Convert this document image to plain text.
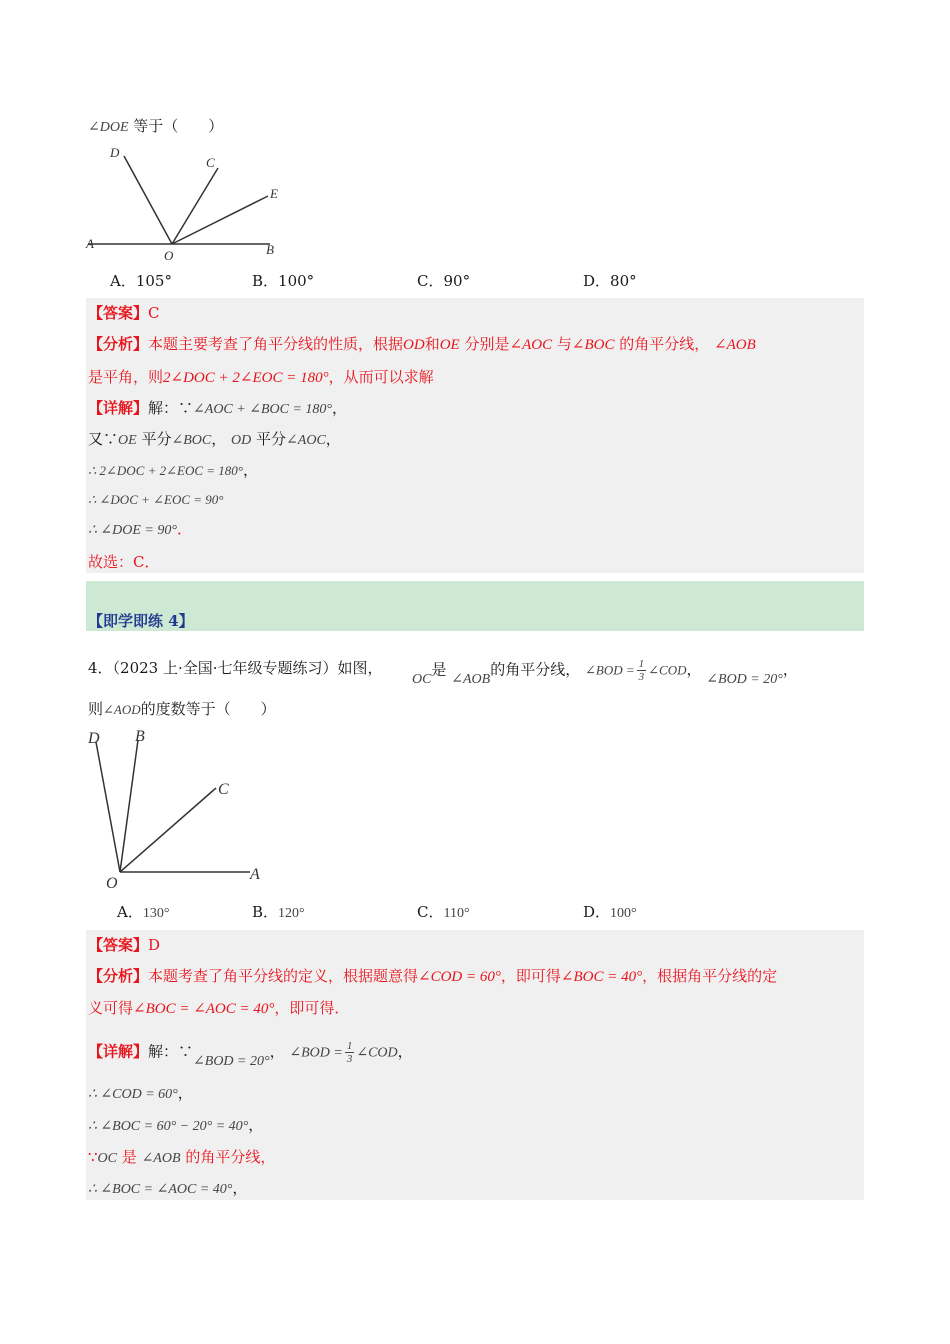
∠DOE 等于（　　）
D
C
E
A
O	B
A．105°	B．100°	C．90°	D．80°
【答案】C
【分析】本题主要考查了角平分线的性质，根据OD和OE 分别是∠AOC 与∠BOC 的角平分线， ∠AOB
是平角，则2∠DOC + 2∠EOC = 180°，从而可以求解
【详解】解：∵∠AOC + ∠BOC = 180°，
又∵OE 平分∠BOC， OD 平分∠AOC，
∴ 2∠DOC + 2∠EOC = 180°，
∴ ∠DOC + ∠EOC = 90°
∴ ∠DOE = 90°．
故选：C．
【即学即练 4】
4．（2023 上·全国·七年级专题练习）如图，
OC是 ∠AOB的角平分线， ∠BOD = $\frac{1}{3}$ ∠COD， ∠BOD = 20°，
则∠AOD的度数等于（　　）
D B
C
O
A
A．130°	B．120°	C．110°	D．100°
【答案】D
【分析】本题考查了角平分线的定义，根据题意得∠COD = 60°，即可得∠BOC = 40°，根据角平分线的定
义可得∠BOC = ∠AOC = 40°，即可得．
【详解】解：∵∠BOD = 20°， ∠BOD = $\frac{1}{3}$ ∠COD，
∴ ∠COD = 60°，
∴ ∠BOC = 60° − 20° = 40°，
∵OC 是 ∠AOB 的角平分线，
∴ ∠BOC = ∠AOC = 40°，
